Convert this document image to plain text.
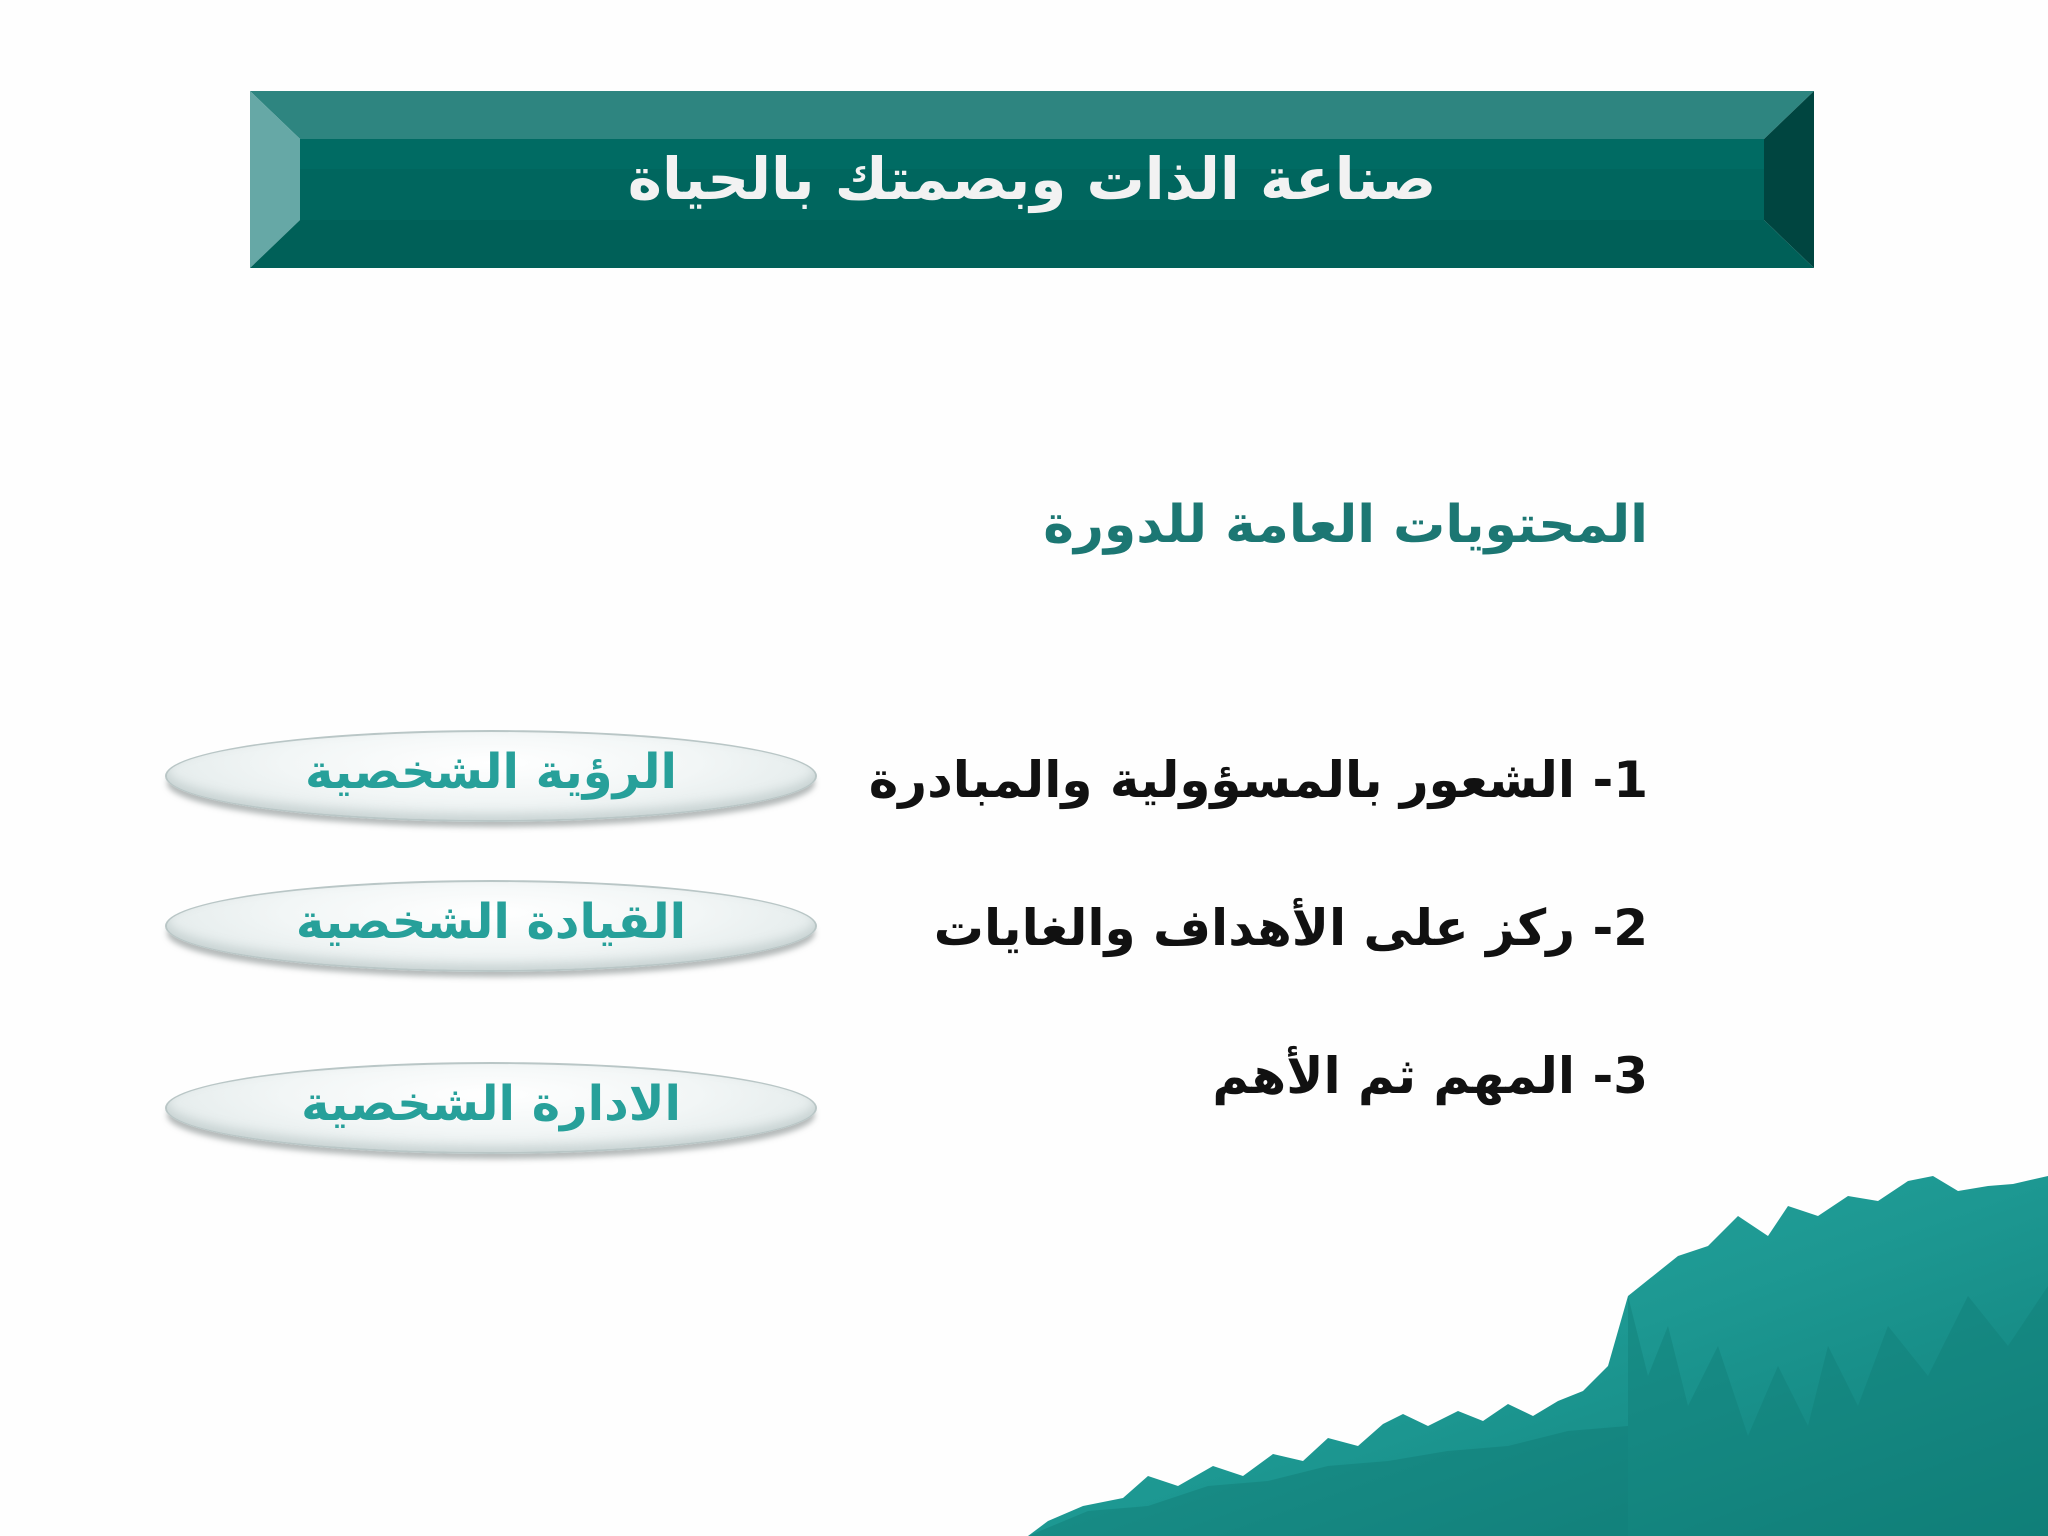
صناعة الذات وبصمتك بالحياة
المحتويات العامة للدورة
1- الشعور بالمسؤولية والمبادرة
2- ركز على الأهداف والغايات
3- المهم ثم الأهم
الرؤية الشخصية
القيادة الشخصية
الادارة الشخصية
